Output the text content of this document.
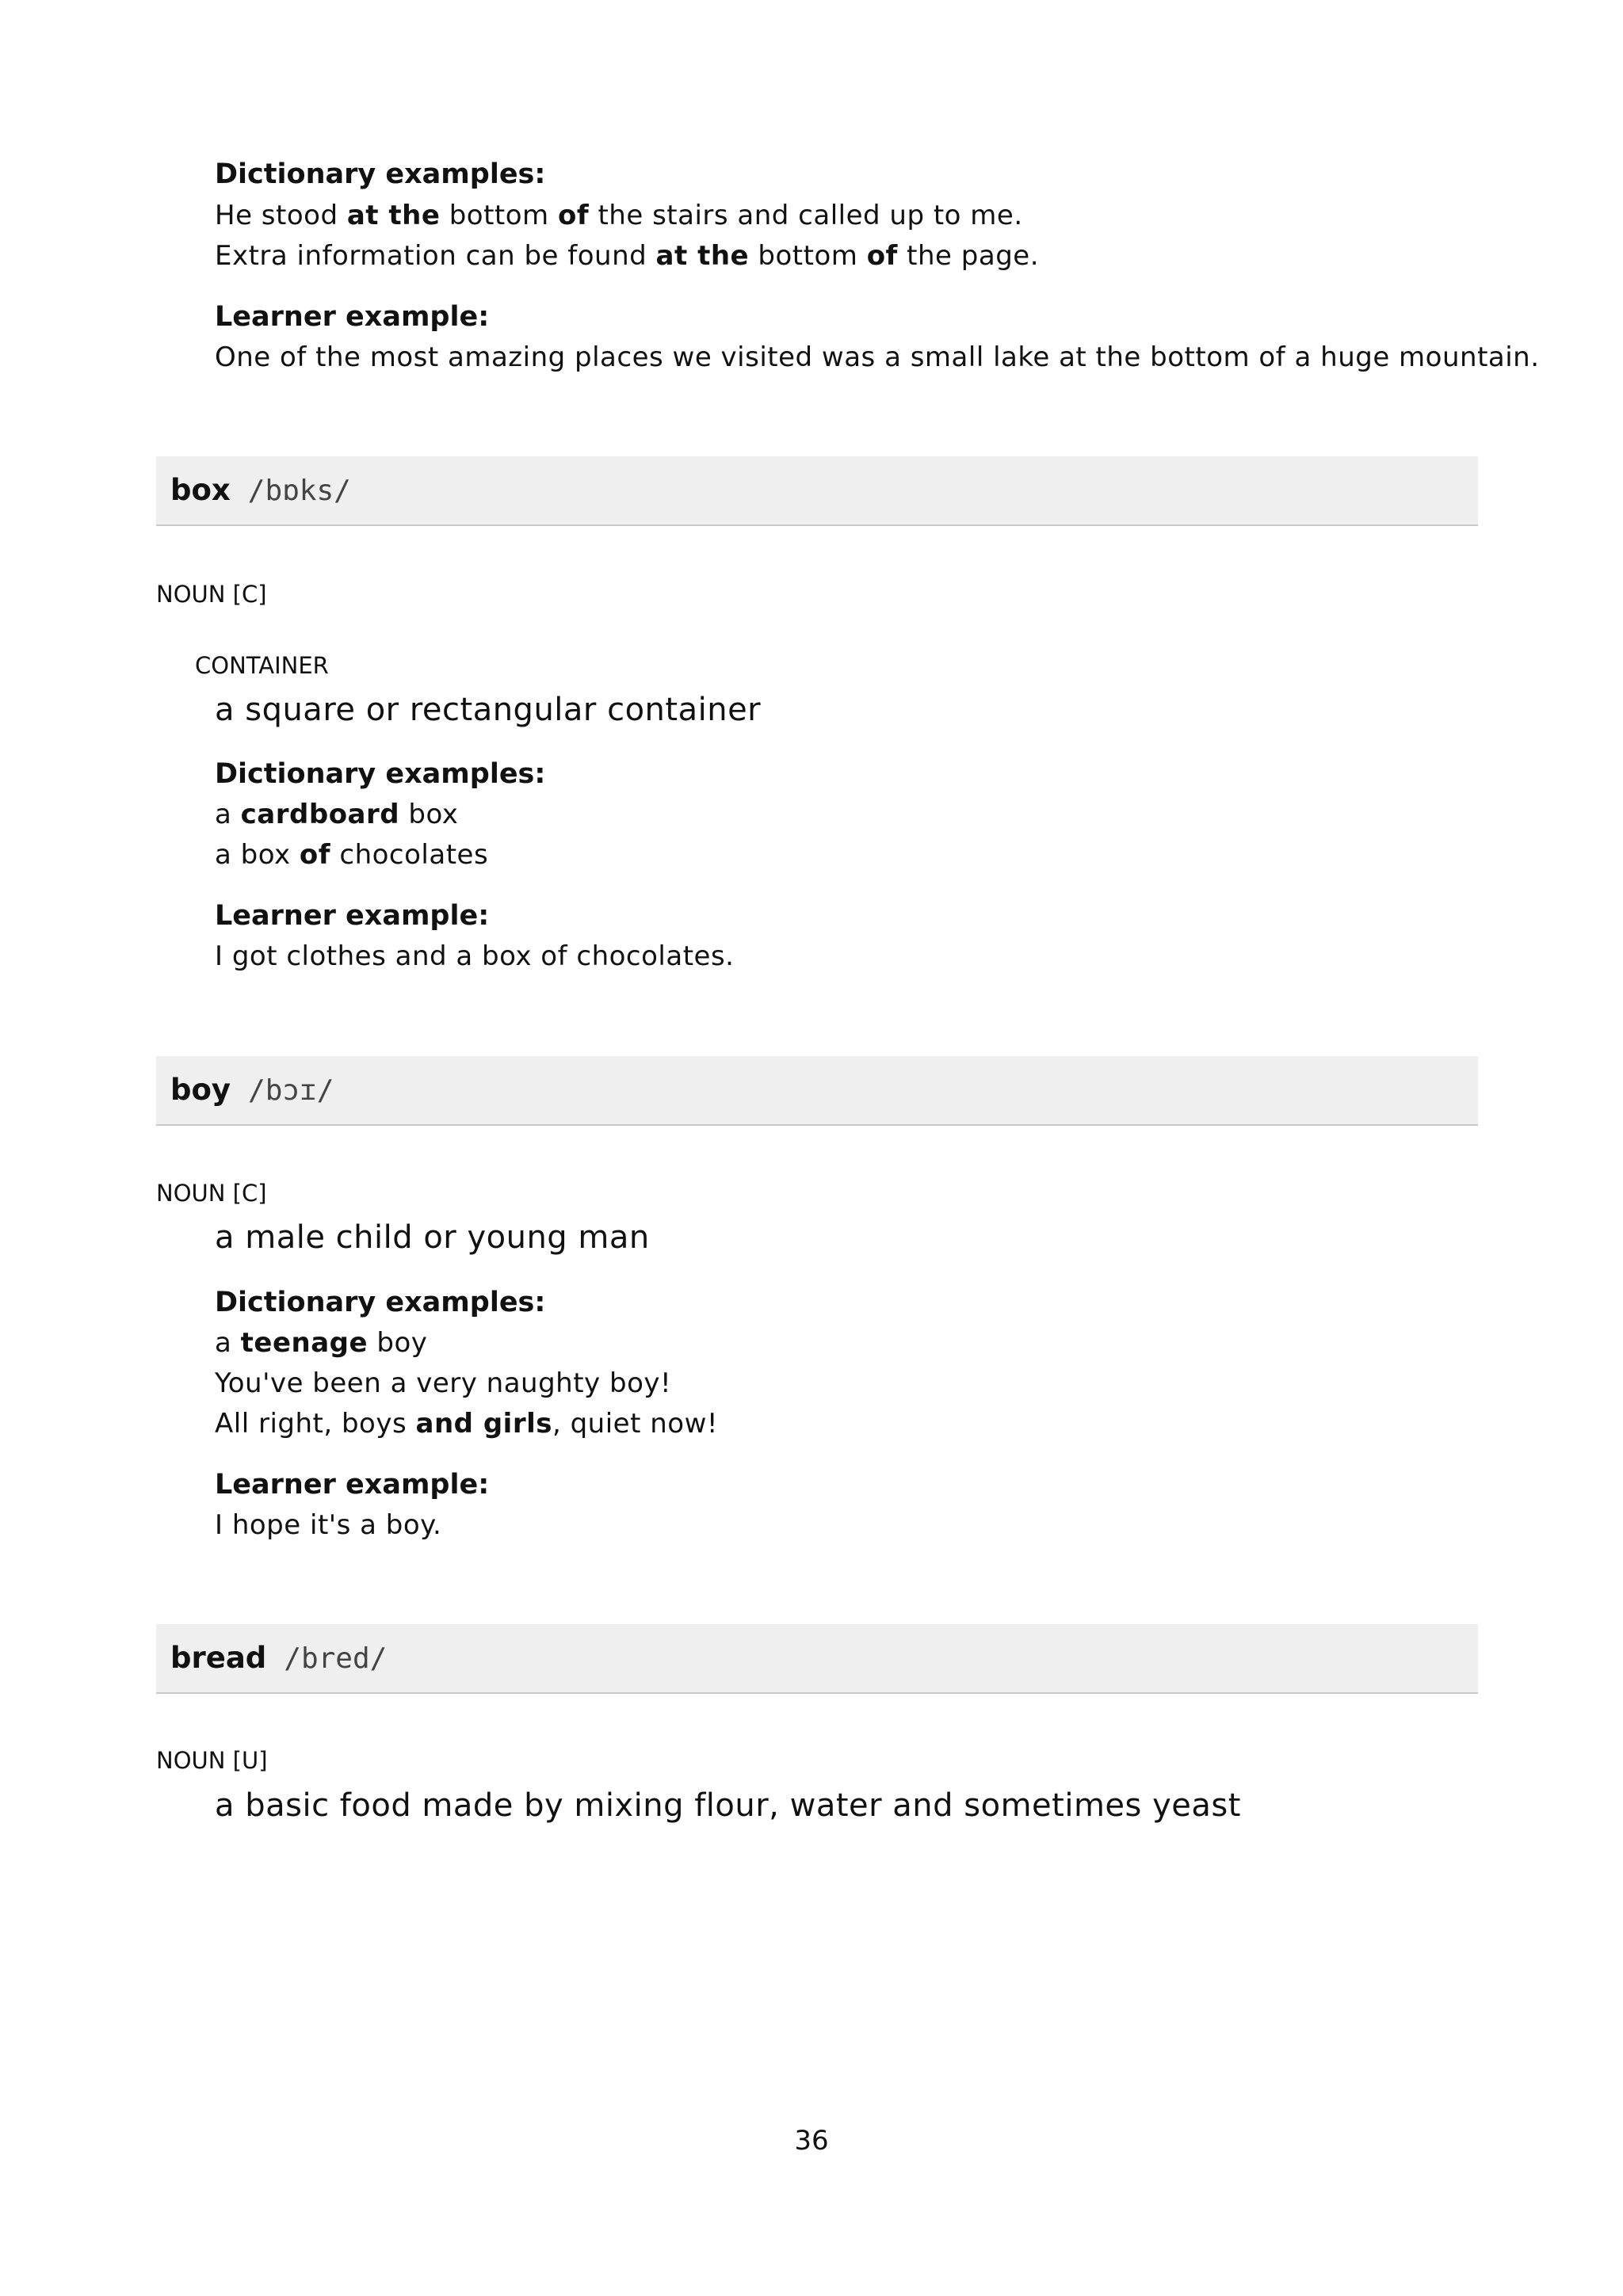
Dictionary examples:
He stood at the bottom of the stairs and called up to me.
Extra information can be found at the bottom of the page.
Learner example:
One of the most amazing places we visited was a small lake at the bottom of a huge mountain.
box /bɒks/
NOUN [C]
CONTAINER
a square or rectangular container
Dictionary examples:
a cardboard box
a box of chocolates
Learner example:
I got clothes and a box of chocolates.
boy /bɔɪ/
NOUN [C]
a male child or young man
Dictionary examples:
a teenage boy
You've been a very naughty boy!
All right, boys and girls, quiet now!
Learner example:
I hope it's a boy.
bread /bred/
NOUN [U]
a basic food made by mixing flour, water and sometimes yeast
36
